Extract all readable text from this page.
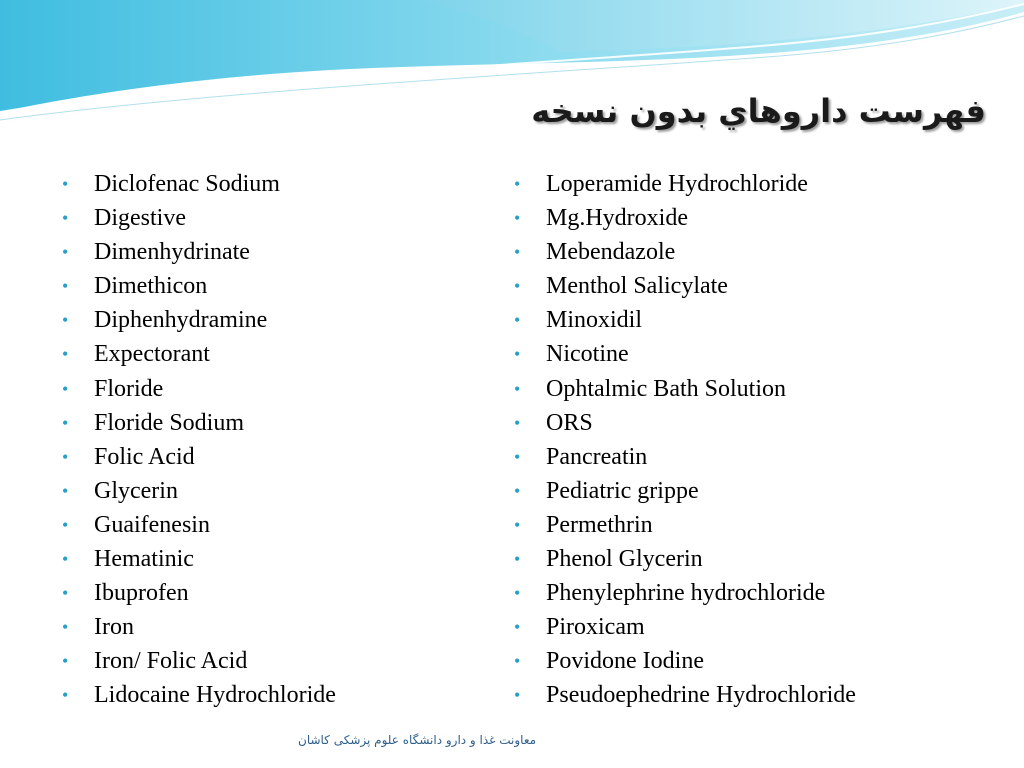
فهرست داروهاي بدون نسخه
• Diclofenac Sodium
• Digestive
• Dimenhydrinate
• Dimethicon
• Diphenhydramine
• Expectorant
• Floride
• Floride Sodium
• Folic Acid
• Glycerin
• Guaifenesin
• Hematinic
• Ibuprofen
• Iron
• Iron/ Folic Acid
• Lidocaine Hydrochloride
• Loperamide Hydrochloride
• Mg.Hydroxide
• Mebendazole
• Menthol Salicylate
• Minoxidil
• Nicotine
• Ophtalmic Bath Solution
• ORS
• Pancreatin
• Pediatric grippe
• Permethrin
• Phenol Glycerin
• Phenylephrine hydrochloride
• Piroxicam
• Povidone Iodine
• Pseudoephedrine Hydrochloride
معاونت غذا و دارو دانشگاه علوم پزشکی کاشان
